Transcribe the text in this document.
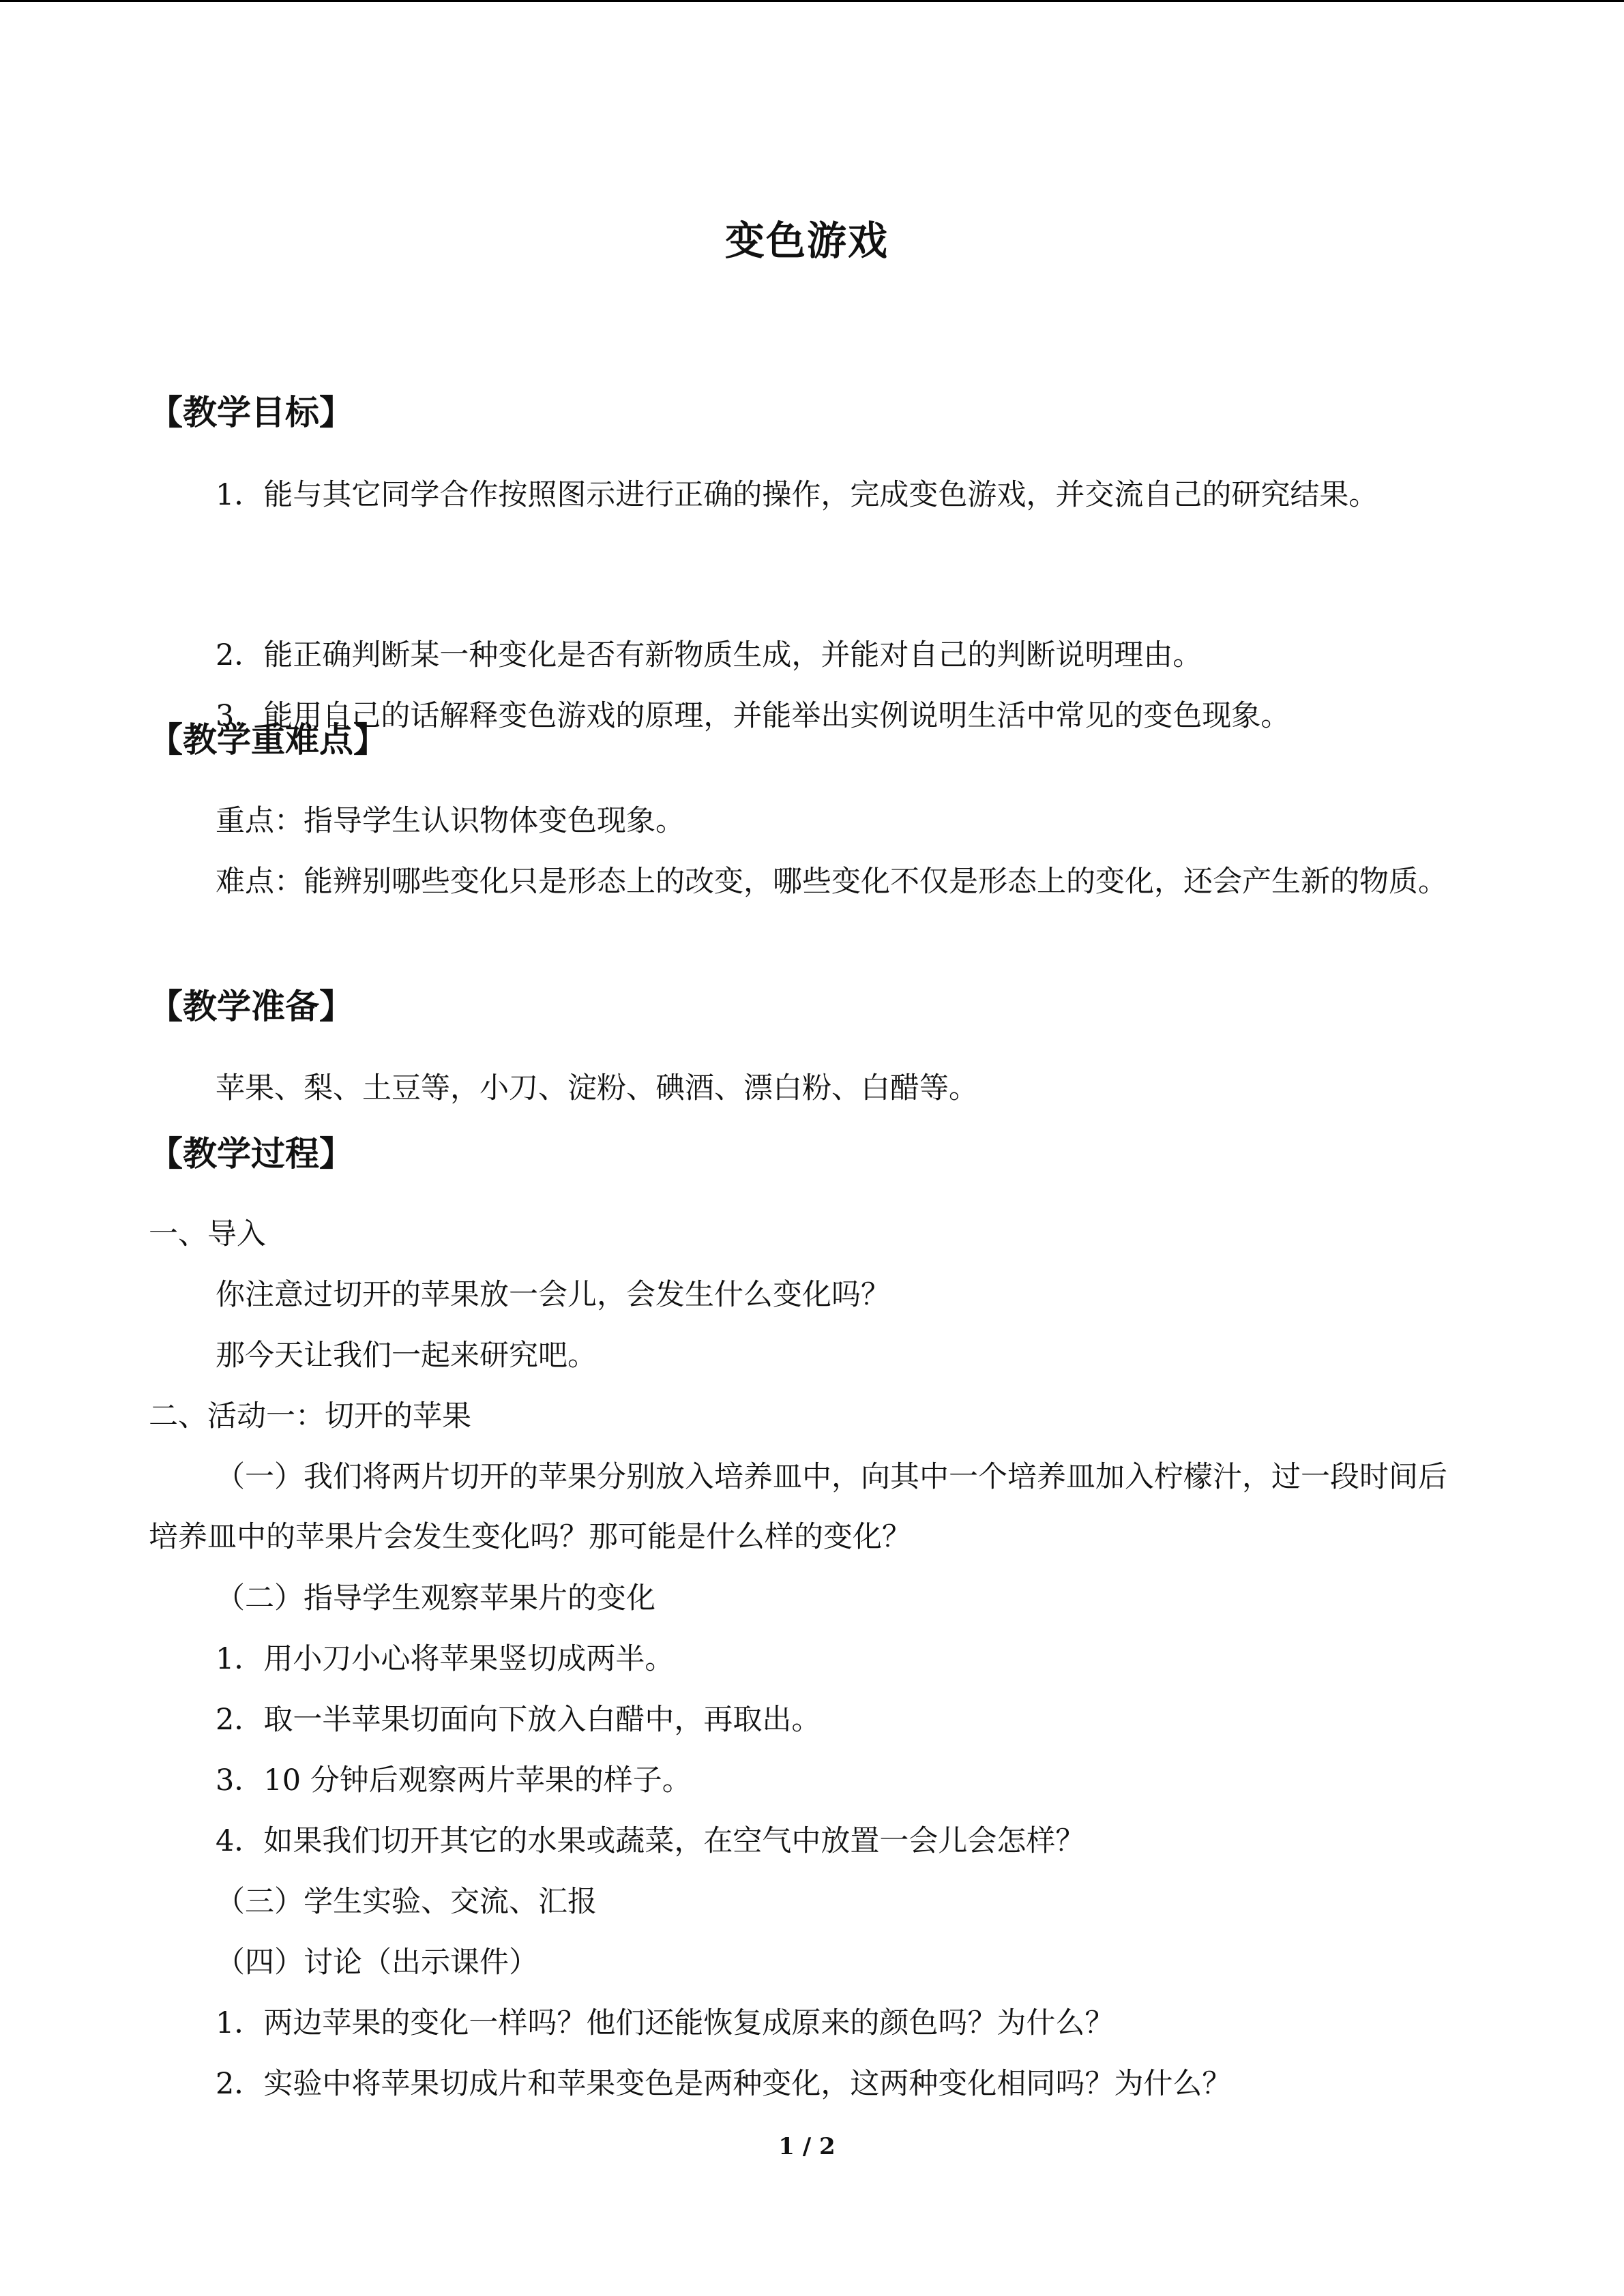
变色游戏
【教学目标】
1．能与其它同学合作按照图示进行正确的操作，完成变色游戏，并交流自己的研究结果。
2．能正确判断某一种变化是否有新物质生成，并能对自己的判断说明理由。
3．能用自己的话解释变色游戏的原理，并能举出实例说明生活中常见的变色现象。
【教学重难点】
重点：指导学生认识物体变色现象。
难点：能辨别哪些变化只是形态上的改变，哪些变化不仅是形态上的变化，还会产生新的物质。
【教学准备】
苹果、梨、土豆等，小刀、淀粉、碘酒、漂白粉、白醋等。
【教学过程】
一、导入
你注意过切开的苹果放一会儿，会发生什么变化吗？
那今天让我们一起来研究吧。
二、活动一：切开的苹果
（一）我们将两片切开的苹果分别放入培养皿中，向其中一个培养皿加入柠檬汁，过一段时间后培养皿中的苹果片会发生变化吗？那可能是什么样的变化？
（二）指导学生观察苹果片的变化
1．用小刀小心将苹果竖切成两半。
2．取一半苹果切面向下放入白醋中，再取出。
3．10 分钟后观察两片苹果的样子。
4．如果我们切开其它的水果或蔬菜，在空气中放置一会儿会怎样？
（三）学生实验、交流、汇报
（四）讨论（出示课件）
1．两边苹果的变化一样吗？他们还能恢复成原来的颜色吗？为什么？
2．实验中将苹果切成片和苹果变色是两种变化，这两种变化相同吗？为什么？
1 / 2
